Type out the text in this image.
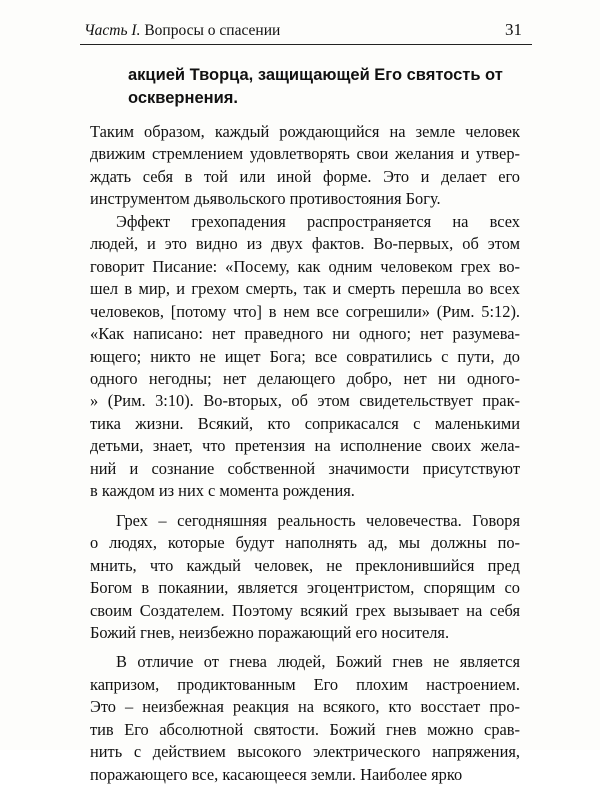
Часть I. Вопросы о спасении	31
акцией Творца, защищающей Его святость от
осквернения.
Таким образом, каждый рождающийся на земле человек
движим стремлением удовлетворять свои желания и утвер-
ждать себя в той или иной форме. Это и делает его
инструментом дьявольского противостояния Богу.
Эффект грехопадения распространяется на всех
людей, и это видно из двух фактов. Во-первых, об этом
говорит Писание: «Посему, как одним человеком грех во-
шел в мир, и грехом смерть, так и смерть перешла во всех
человеков, [потому что] в нем все согрешили» (Рим. 5:12).
«Как написано: нет праведного ни одного; нет разумева-
ющего; никто не ищет Бога; все совратились с пути, до
одного негодны; нет делающего добро, нет ни одного-
» (Рим. 3:10). Во-вторых, об этом свидетельствует прак-
тика жизни. Всякий, кто соприкасался с маленькими
детьми, знает, что претензия на исполнение своих жела-
ний и сознание собственной значимости присутствуют
в каждом из них с момента рождения.
Грех – сегодняшняя реальность человечества. Говоря
о людях, которые будут наполнять ад, мы должны по-
мнить, что каждый человек, не преклонившийся пред
Богом в покаянии, является эгоцентристом, спорящим со
своим Создателем. Поэтому всякий грех вызывает на себя
Божий гнев, неизбежно поражающий его носителя.
В отличие от гнева людей, Божий гнев не является
капризом, продиктованным Его плохим настроением.
Это – неизбежная реакция на всякого, кто восстает про-
тив Его абсолютной святости. Божий гнев можно срав-
нить с действием высокого электрического напряжения,
поражающего все, касающееся земли. Наиболее ярко
